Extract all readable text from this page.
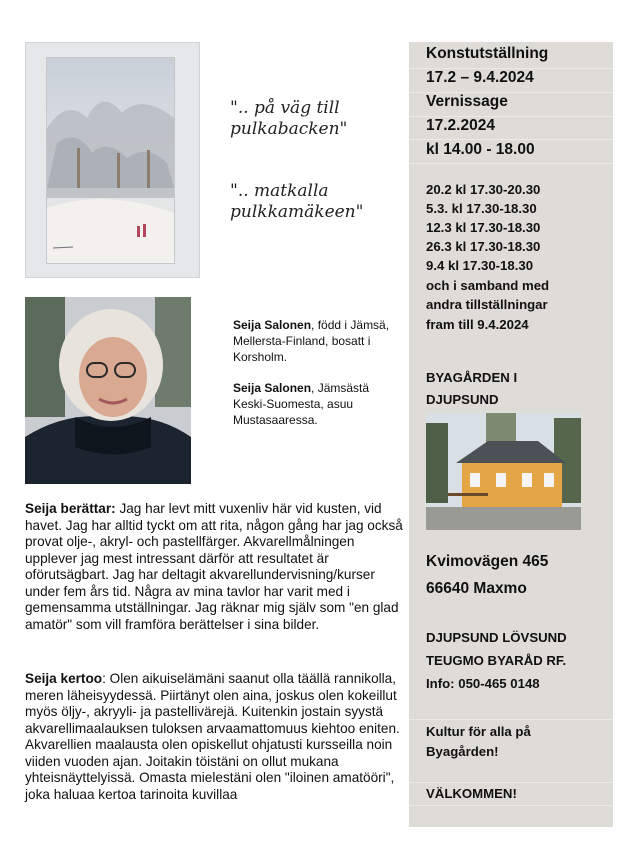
".. på väg till pulkabacken"
".. matkalla pulkkamäkeen"
Seija Salonen, född i Jämsä, Mellersta-Finland, bosatt i Korsholm.
Seija Salonen, Jämsästä Keski-Suomesta, asuu Mustasaaressa.
Seija berättar: Jag har levt mitt vuxenliv här vid kusten, vid havet. Jag har alltid tyckt om att rita, någon gång har jag också provat olje-, akryl- och pastellfärger. Akvarellmålningen upplever jag mest intressant därför att resultatet är oförutsägbart. Jag har deltagit akvarellundervisning/kurser under fem års tid. Några av mina tavlor har varit med i gemensamma utställningar. Jag räknar mig själv som "en glad amatör" som vill framföra berättelser i sina bilder.
Seija kertoo: Olen aikuiselämäni saanut olla täällä rannikolla, meren läheisyydessä. Piirtänyt olen aina, joskus olen kokeillut myös öljy-, akryyli- ja pastellivärejä. Kuitenkin jostain syystä akvarellimaalauksen tuloksen arvaamattomuus kiehtoo eniten. Akvarellien maalausta olen opiskellut ohjatusti kursseilla noin viiden vuoden ajan. Joitakin töistäni on ollut mukana yhteisnäyttelyissä. Omasta mielestäni olen "iloinen amatööri", joka haluaa kertoa tarinoita kuvillaa
Konstutställning
17.2 – 9.4.2024
Vernissage
17.2.2024
kl 14.00 - 18.00
20.2 kl 17.30-20.30
5.3. kl 17.30-18.30
12.3 kl 17.30-18.30
26.3 kl 17.30-18.30
9.4 kl 17.30-18.30
och i samband med
andra tillställningar
fram till 9.4.2024
BYAGÅRDEN I
DJUPSUND
Kvimovägen 465
66640 Maxmo
DJUPSUND LÖVSUND
TEUGMO BYARÅD RF.
Info: 050-465 0148
Kultur för alla på
Byagården!
VÄLKOMMEN!
